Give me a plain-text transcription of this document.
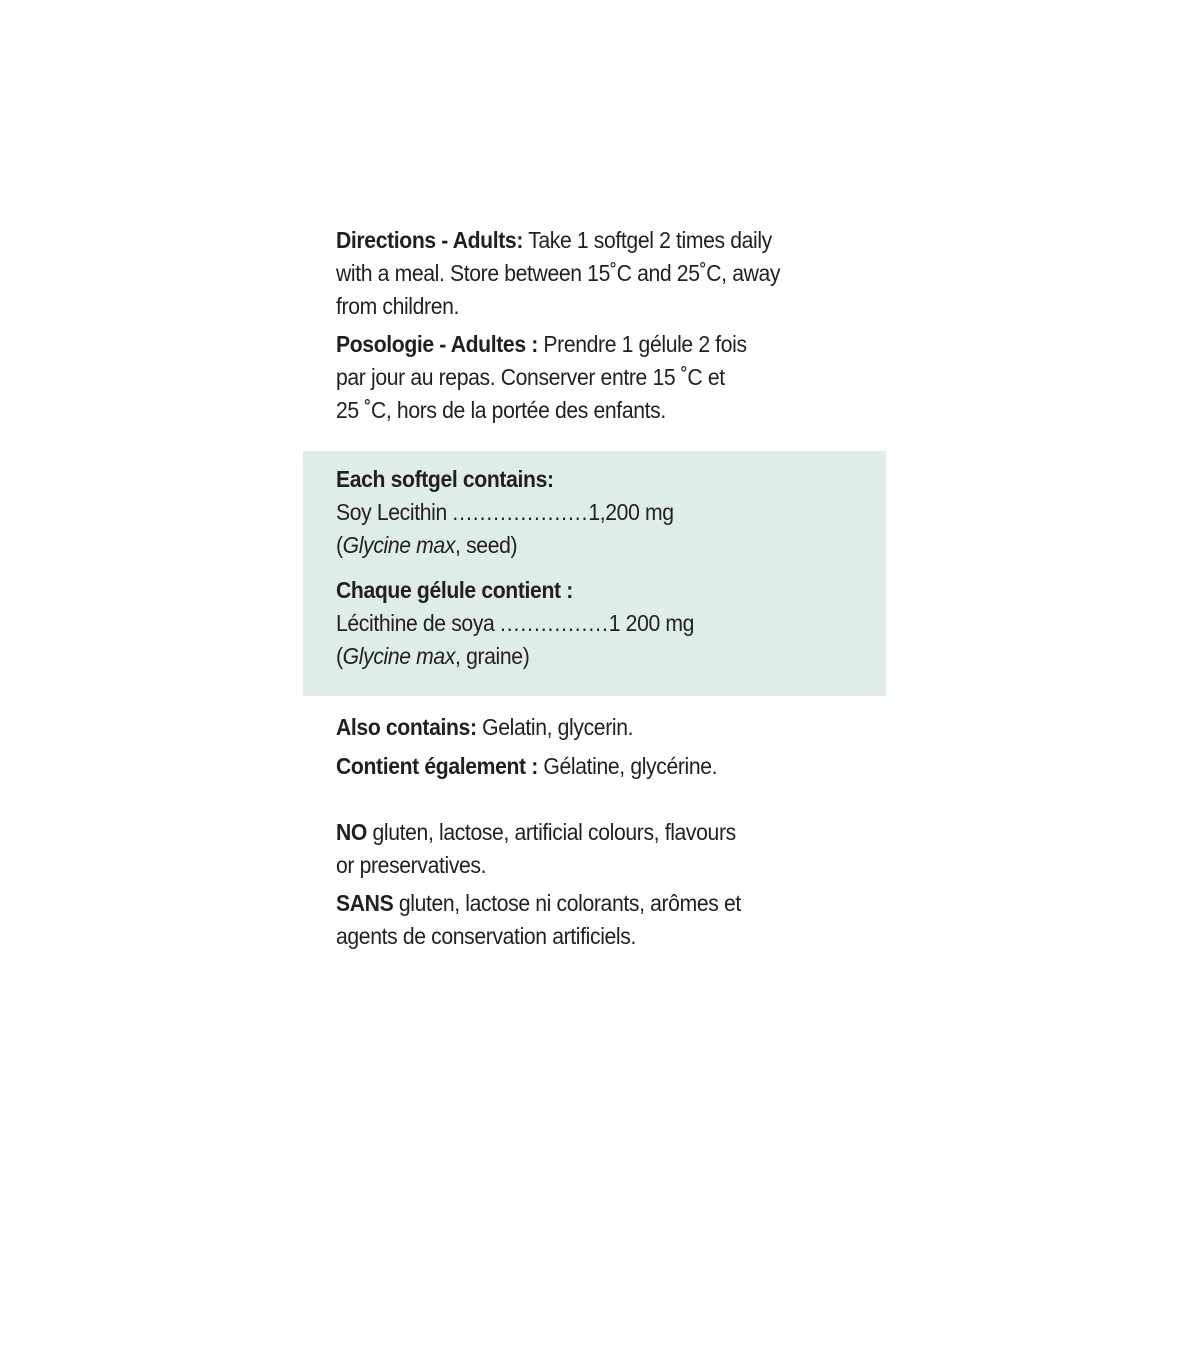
Directions - Adults: Take 1 softgel 2 times daily

with a meal. Store between 15˚C and 25˚C, away

from children.

Posologie - Adultes : Prendre 1 gélule 2 fois

par jour au repas. Conserver entre 15 ˚C et

25 ˚C, hors de la portée des enfants.

Each softgel contains:

Soy Lecithin ....................1,200 mg

(Glycine max, seed)

Chaque gélule contient :

Lécithine de soya ................1 200 mg

(Glycine max, graine)

Also contains: Gelatin, glycerin.

Contient également : Gélatine, glycérine.

NO gluten, lactose, artificial colours, flavours

or preservatives.

SANS gluten, lactose ni colorants, arômes et

agents de conservation artificiels.
